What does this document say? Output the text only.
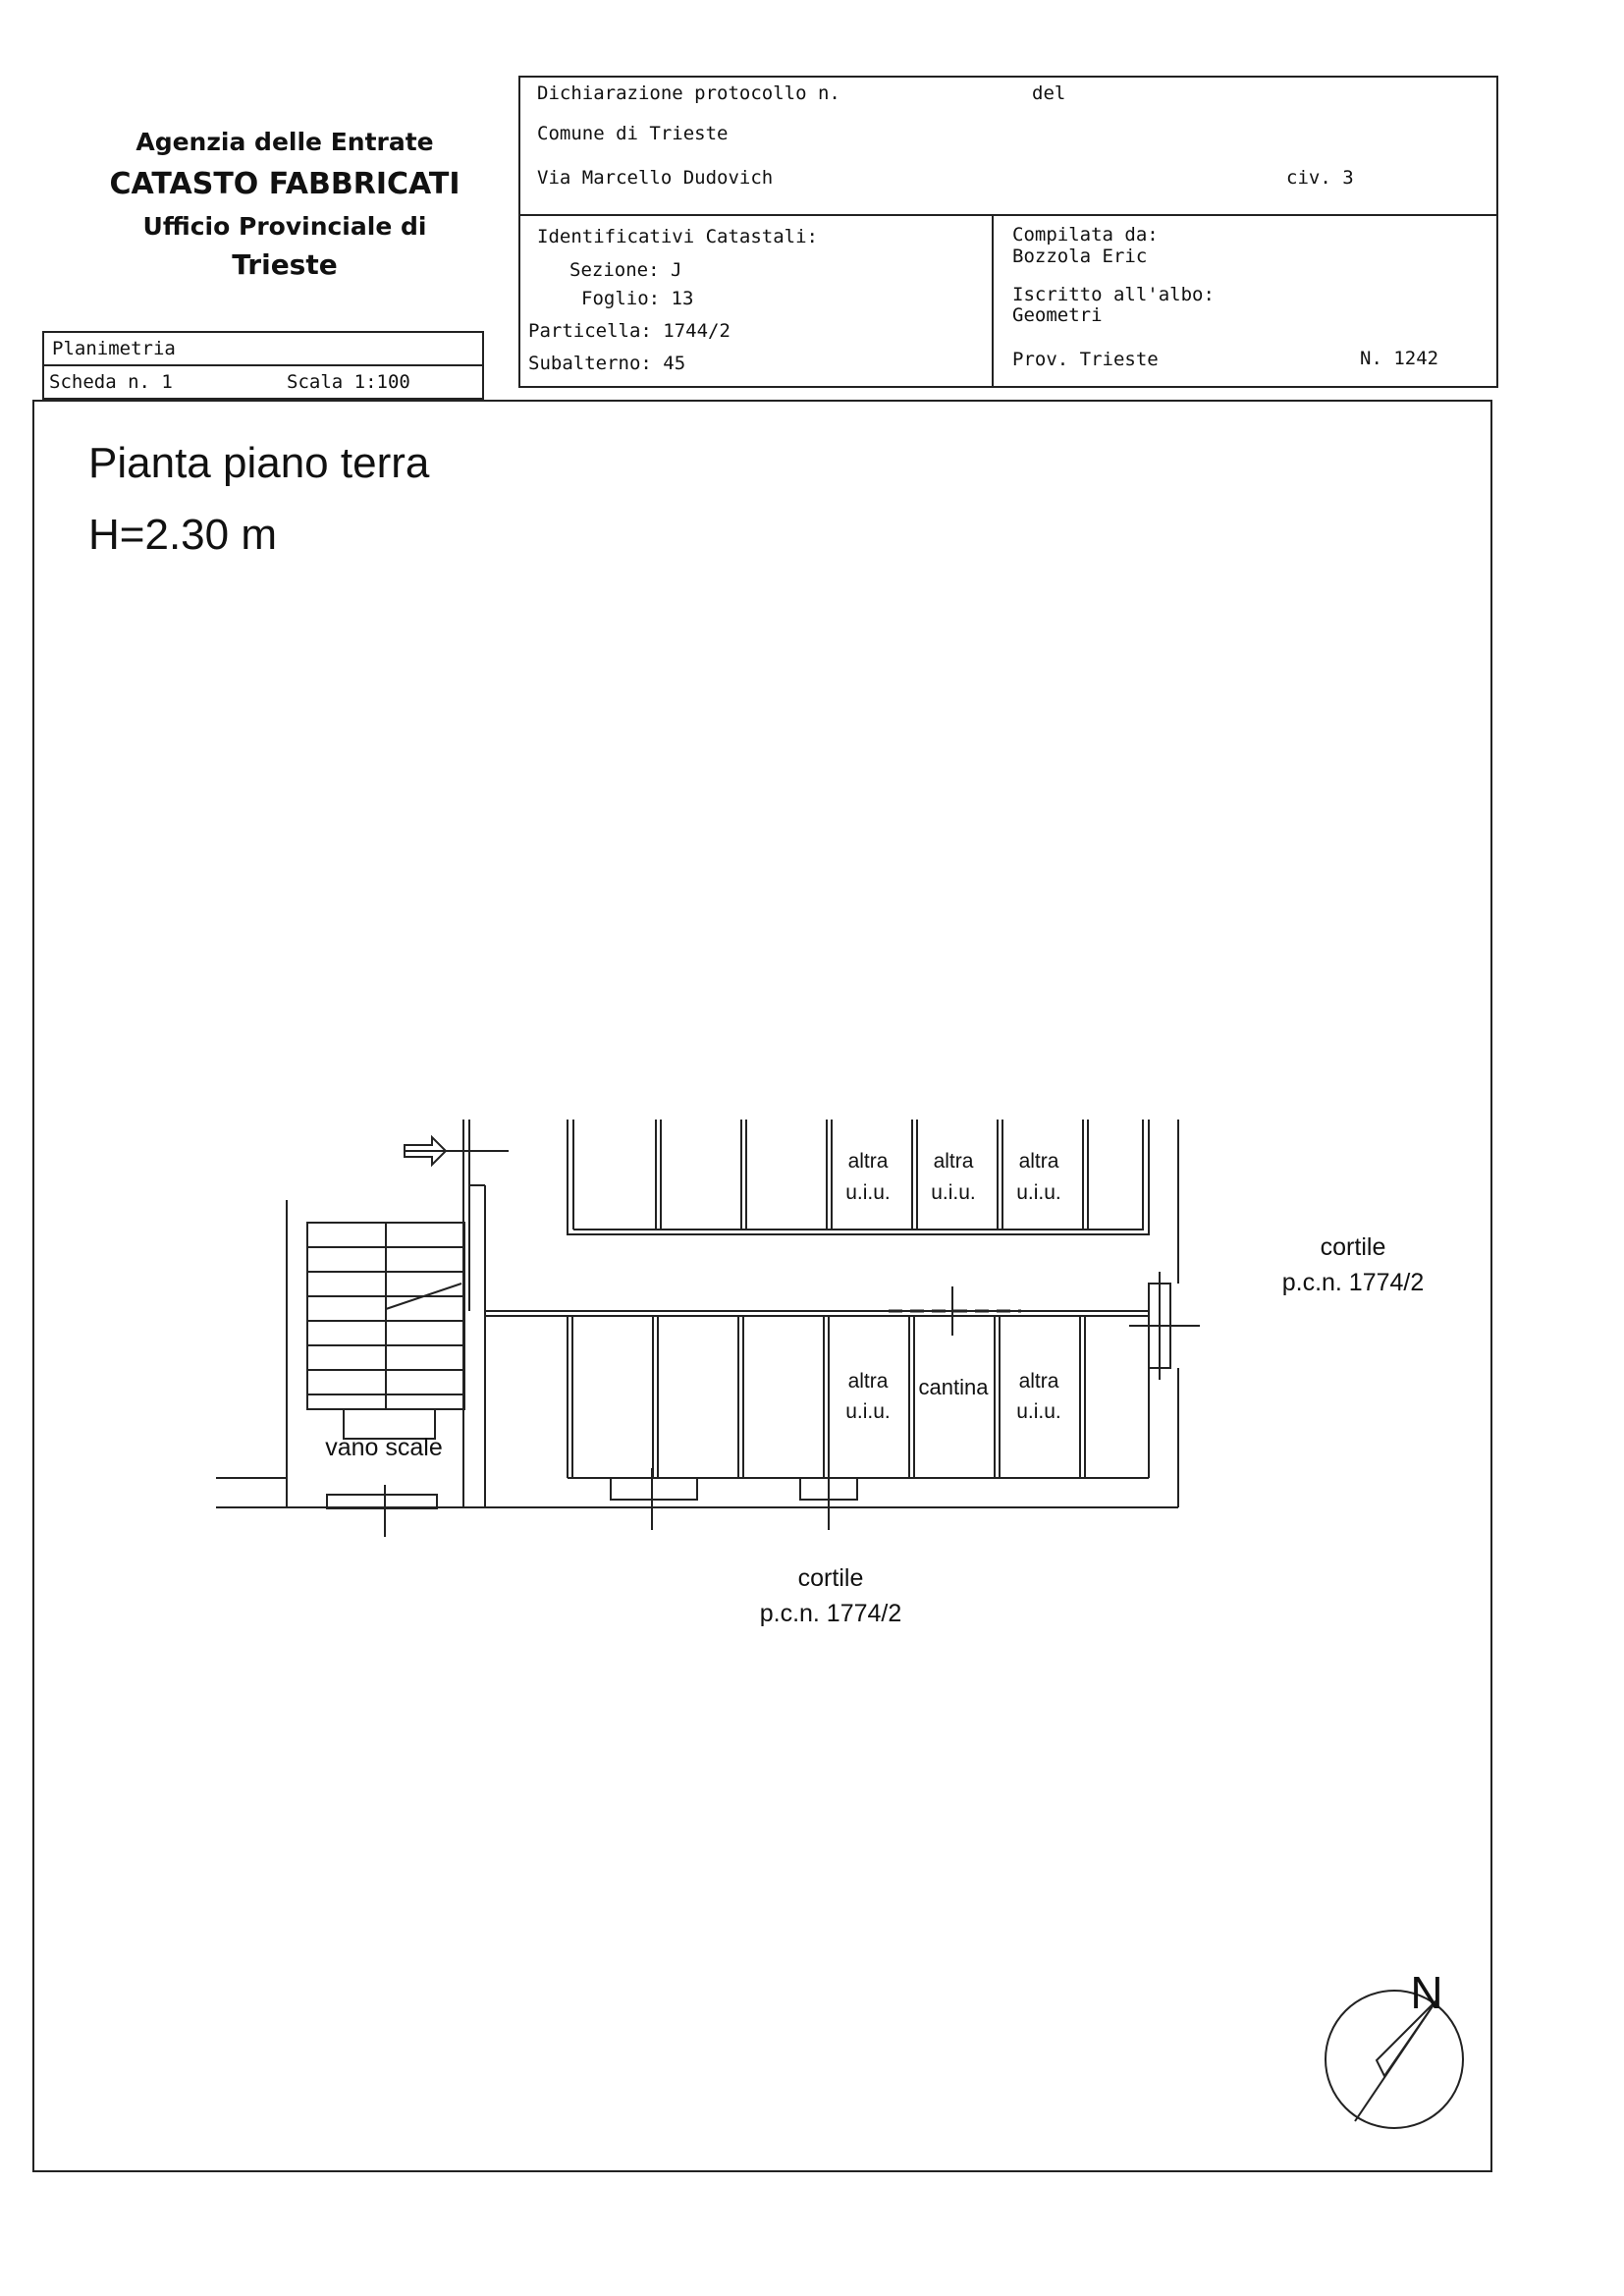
Agenzia delle Entrate
CATASTO FABBRICATI
Ufficio Provinciale di
Trieste
Planimetria
Scheda n. 1	Scala 1:100
Dichiarazione protocollo n.	del
Comune di Trieste
Via Marcello Dudovich	civ. 3
Identificativi Catastali:
Sezione: J
Foglio: 13
Particella: 1744/2
Subalterno: 45
Compilata da:
Bozzola Eric
Iscritto all'albo:
Geometri
Prov. Trieste	N. 1242
Pianta piano terra
H=2.30 m
altra
u.i.u.
altra
u.i.u.
altra
u.i.u.
altra
u.i.u.
cantina altra
u.i.u.
vano scale
cortile
p.c.n. 1774/2
cortile
p.c.n. 1774/2
N
